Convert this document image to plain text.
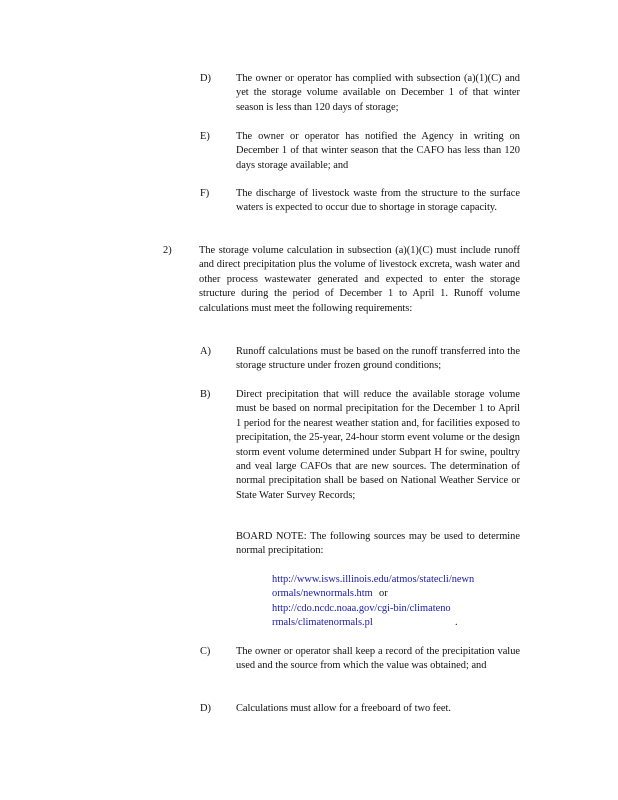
D) The owner or operator has complied with subsection (a)(1)(C) and yet the storage volume available on December 1 of that winter season is less than 120 days of storage;
E)	The owner or operator has notified the Agency in writing on December 1 of that winter season that the CAFO has less than 120 days storage available; and
F)	The discharge of livestock waste from the structure to the surface waters is expected to occur due to shortage in storage capacity.
2)	The storage volume calculation in subsection (a)(1)(C) must include runoff and direct precipitation plus the volume of livestock excreta, wash water and other process wastewater generated and expected to enter the storage structure during the period of December 1 to April 1. Runoff volume calculations must meet the following requirements:
A) Runoff calculations must be based on the runoff transferred into the storage structure under frozen ground conditions;
B) Direct precipitation that will reduce the available storage volume must be based on normal precipitation for the December 1 to April 1 period for the nearest weather station and, for facilities exposed to precipitation, the 25-year, 24-hour storm event volume or the design storm event volume determined under Subpart H for swine, poultry and veal large CAFOs that are new sources. The determination of normal precipitation shall be based on National Weather Service or State Water Survey Records;
BOARD NOTE: The following sources may be used to determine normal precipitation:
http://www.isws.illinois.edu/atmos/statecli/newnormals/newnormals.htm or
http://cdo.ncdc.noaa.gov/cgi-bin/climatenormals/climatenormals.pl	.
C) The owner or operator shall keep a record of the precipitation value used and the source from which the value was obtained; and
D) Calculations must allow for a freeboard of two feet.
